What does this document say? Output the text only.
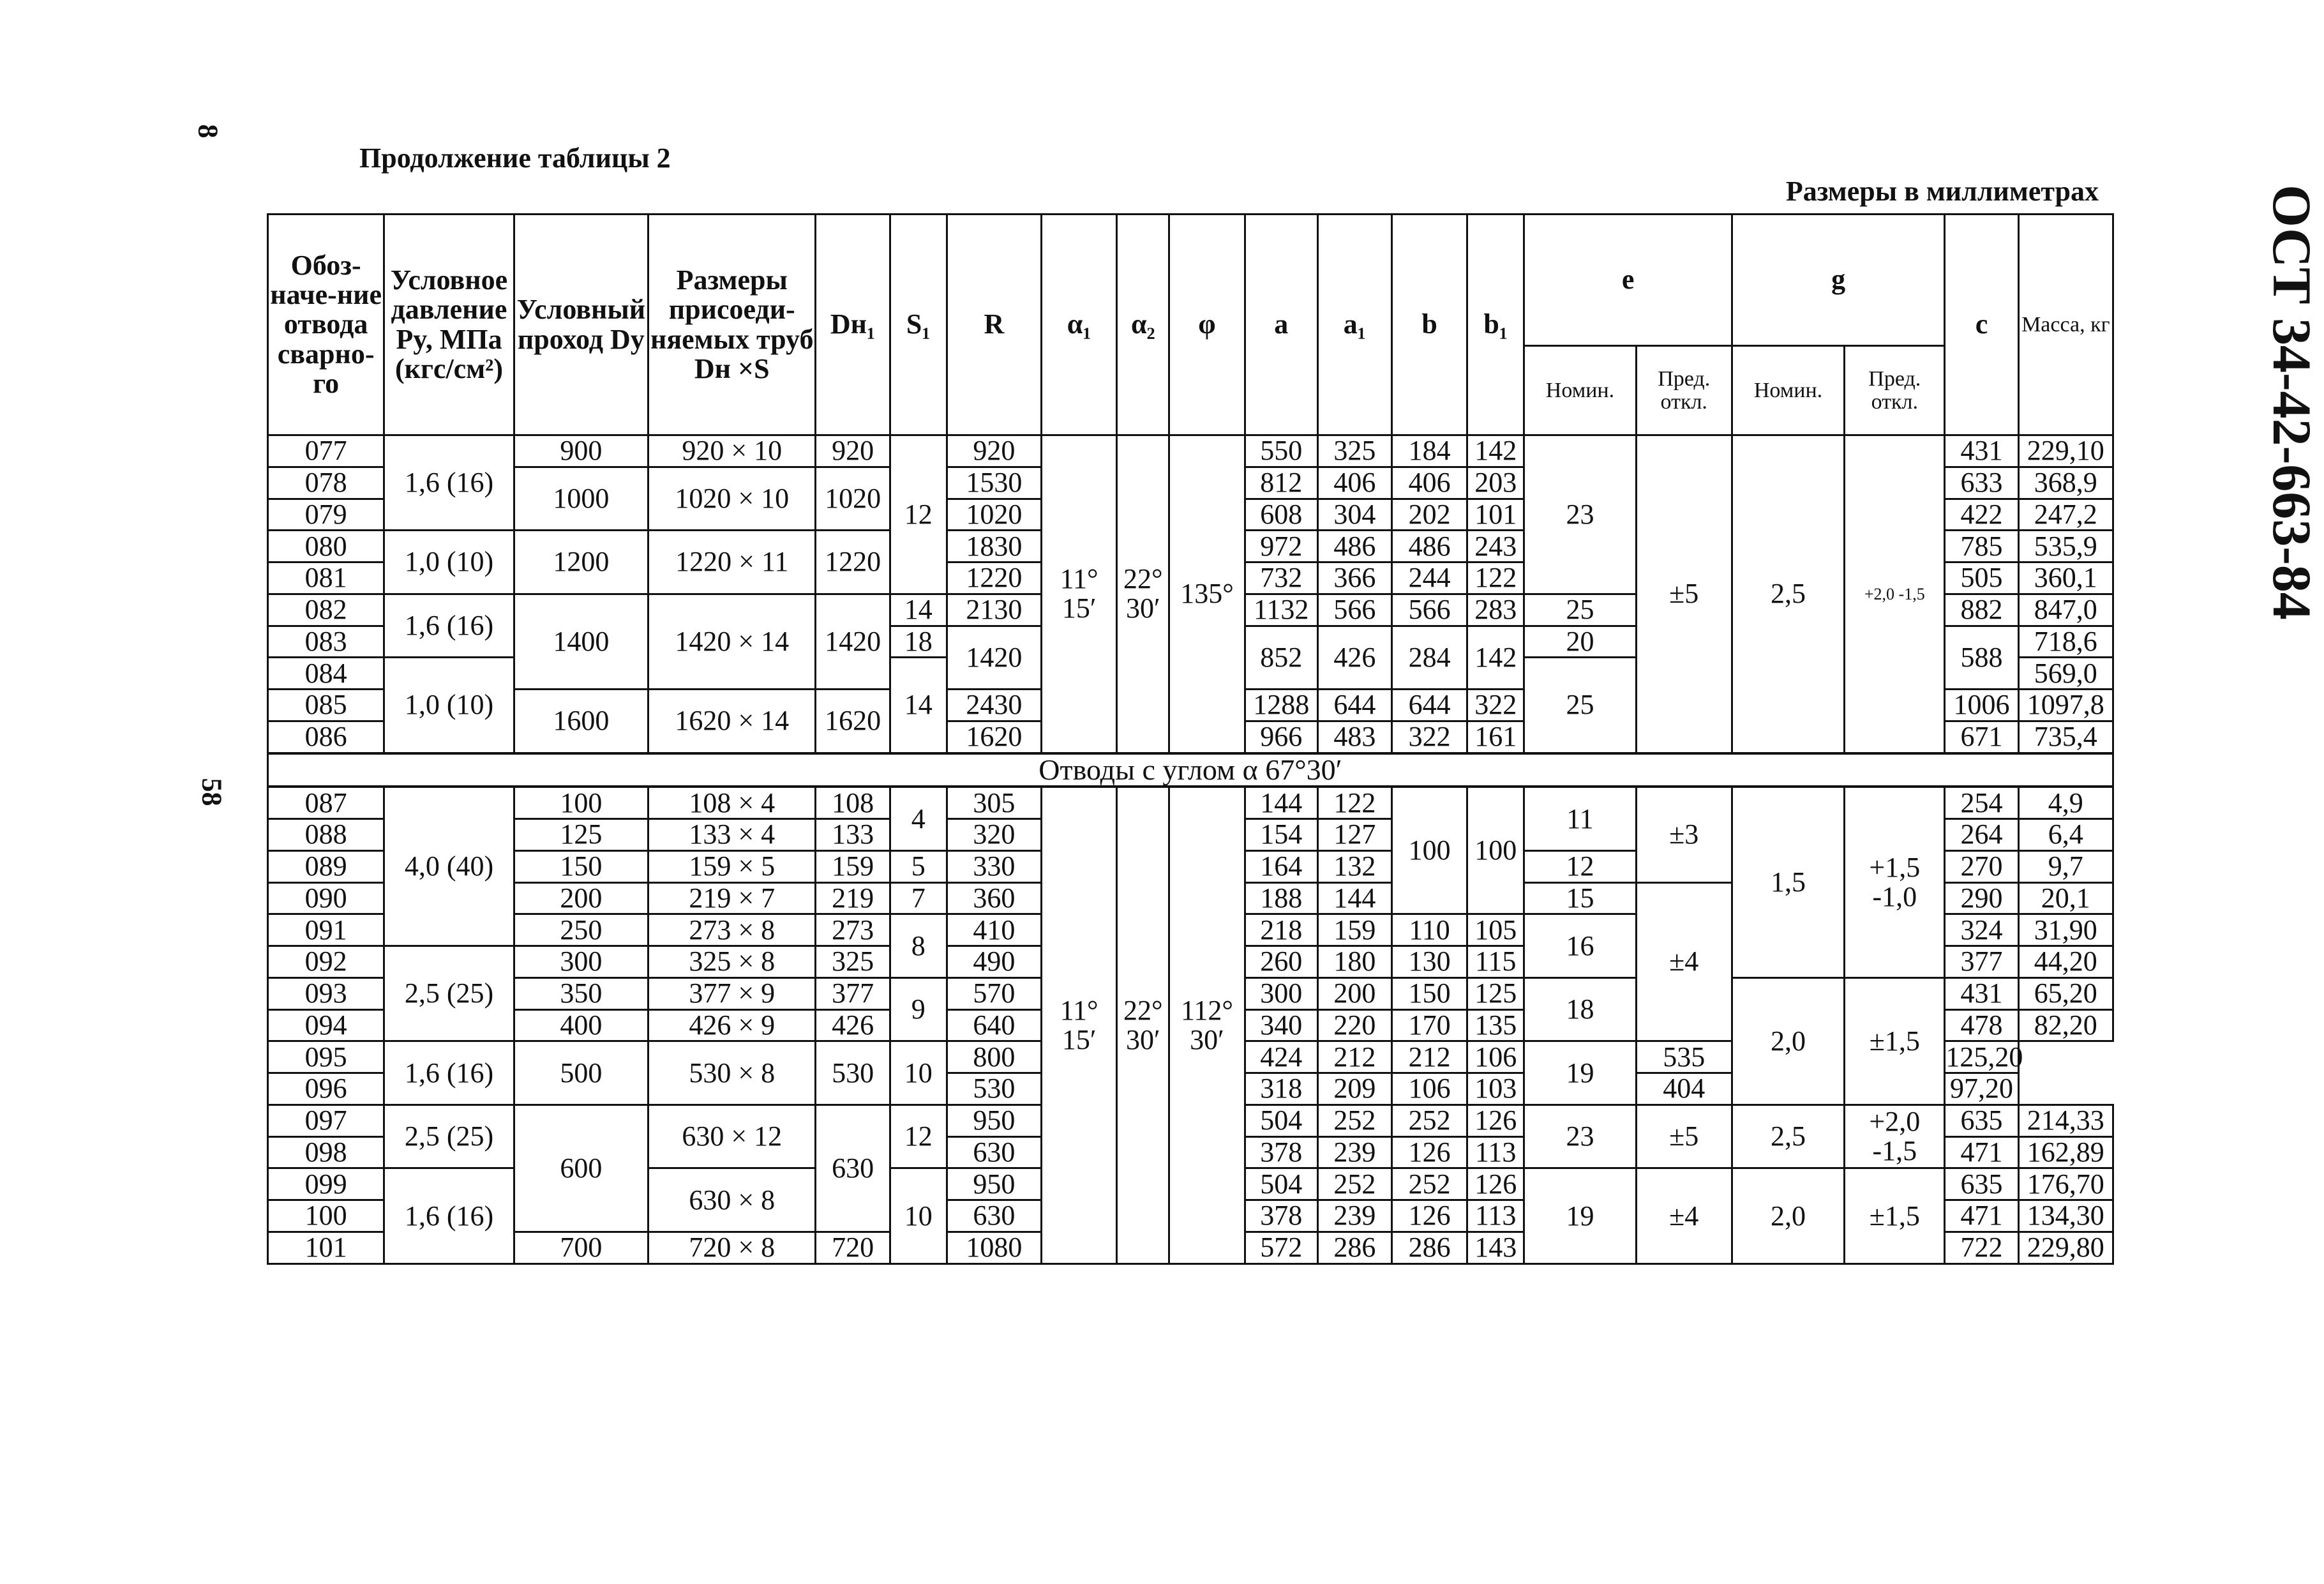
8
58
ОСТ 34-42-663-84
Продолжение таблицы 2
Размеры в миллиметрах
Обоз-наче-ние отвода сварно-го	Условное давление Py, МПа (кгс/см²)	Условный проход Dy	Размеры присоеди-няемых труб Dн ×S	Dн₁	S₁	R	α₁	α₂	φ	a	a₁	b	b₁	e		g		c	Масса, кг
														Номин.	Пред. откл.	Номин.	Пред. откл.		
077	1,6 (16)	900	920 × 10	920	12	920	11° 15′	22° 30′	135°	550	325	184	142	23	±5	2,5	+2,0 -1,5	431	229,10
078		1000	1020 × 10	1020		1530				812	406	406	203					633	368,9
079						1020				608	304	202	101					422	247,2
080	1,0 (10)	1200	1220 × 11	1220		1830				972	486	486	243					785	535,9
081						1220				732	366	244	122					505	360,1
082	1,6 (16)	1400	1420 × 14	1420	14	2130				1132	566	566	283	25				882	847,0
083					18	1420				852	426	284	142	20				588	718,6
084	1,0 (10)				14									25					569,0
085		1600	1620 × 14	1620		2430				1288	644	644	322					1006	1097,8
086						1620				966	483	322	161					671	735,4
Отводы с углом α 67°30′																			
087	4,0 (40)	100	108 × 4	108	4	305	11° 15′	22° 30′	112° 30′	144	122	100	100	11	±3	1,5	+1,5 -1,0	254	4,9
088		125	133 × 4	133		320				154	127							264	6,4
089		150	159 × 5	159	5	330				164	132			12				270	9,7
090		200	219 × 7	219	7	360				188	144			15	±4			290	20,1
091		250	273 × 8	273	8	410				218	159	110	105	16				324	31,90
092	2,5 (25)	300	325 × 8	325		490				260	180	130	115					377	44,20
093		350	377 × 9	377	9	570				300	200	150	125	18		2,0	±1,5	431	65,20
094		400	426 × 9	426		640				340	220	170	135					478	82,20
095	1,6 (16)	500	530 × 8	530	10	800				424	212	212	106	19	535			125,20	
096						530				318	209	106	103		404			97,20	
097	2,5 (25)	600	630 × 12	630	12	950				504	252	252	126	23	±5	2,5	+2,0 -1,5	635	214,33
098						630				378	239	126	113					471	162,89
099	1,6 (16)		630 × 8		10	950				504	252	252	126	19	±4	2,0	±1,5	635	176,70
100						630				378	239	126	113					471	134,30
101		700	720 × 8	720		1080				572	286	286	143					722	229,80
